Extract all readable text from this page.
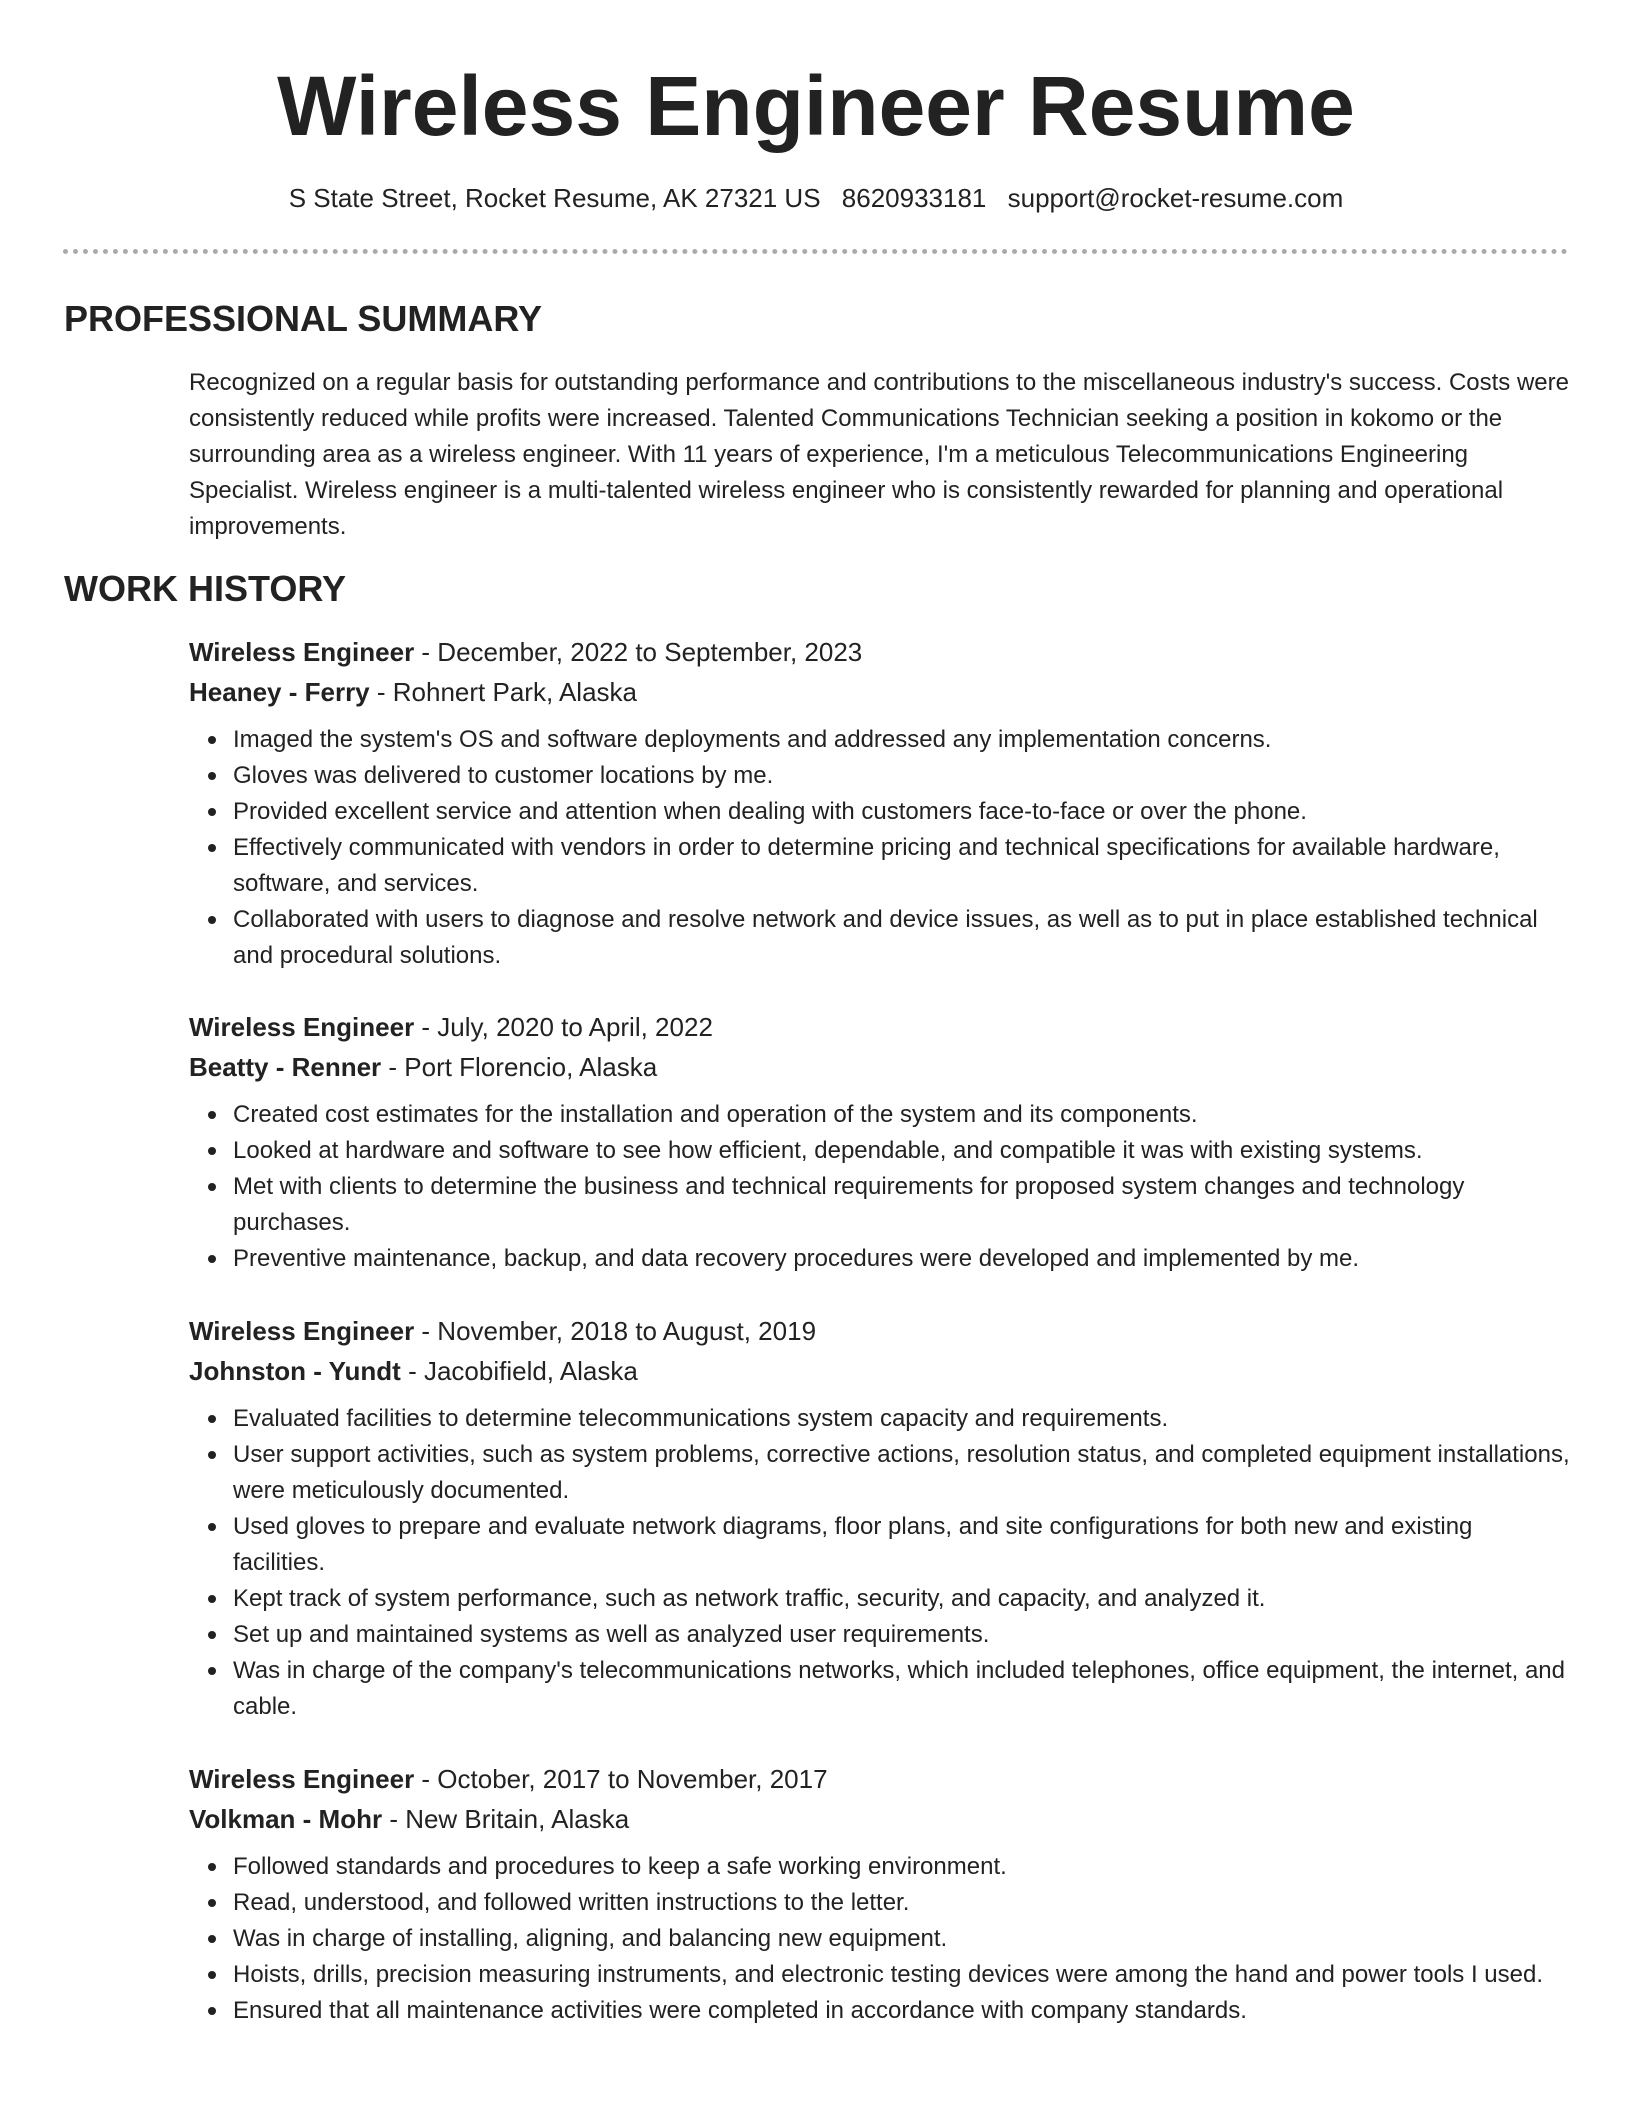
Wireless Engineer Resume
S State Street, Rocket Resume, AK 27321 US 8620933181 support@rocket-resume.com
PROFESSIONAL SUMMARY

Recognized on a regular basis for outstanding performance and contributions to the miscellaneous industry's success. Costs were consistently reduced while profits were increased. Talented Communications Technician seeking a position in kokomo or the surrounding area as a wireless engineer. With 11 years of experience, I'm a meticulous Telecommunications Engineering Specialist. Wireless engineer is a multi-talented wireless engineer who is consistently rewarded for planning and operational improvements.

WORK HISTORY

Wireless Engineer - December, 2022 to September, 2023

Heaney - Ferry - Rohnert Park, Alaska

Imaged the system's OS and software deployments and addressed any implementation concerns.
Gloves was delivered to customer locations by me.
Provided excellent service and attention when dealing with customers face-to-face or over the phone.
Effectively communicated with vendors in order to determine pricing and technical specifications for available hardware, software, and services.
Collaborated with users to diagnose and resolve network and device issues, as well as to put in place established technical and procedural solutions.

Wireless Engineer - July, 2020 to April, 2022

Beatty - Renner - Port Florencio, Alaska

Created cost estimates for the installation and operation of the system and its components.
Looked at hardware and software to see how efficient, dependable, and compatible it was with existing systems.
Met with clients to determine the business and technical requirements for proposed system changes and technology purchases.
Preventive maintenance, backup, and data recovery procedures were developed and implemented by me.

Wireless Engineer - November, 2018 to August, 2019

Johnston - Yundt - Jacobifield, Alaska

Evaluated facilities to determine telecommunications system capacity and requirements.
User support activities, such as system problems, corrective actions, resolution status, and completed equipment installations, were meticulously documented.
Used gloves to prepare and evaluate network diagrams, floor plans, and site configurations for both new and existing facilities.
Kept track of system performance, such as network traffic, security, and capacity, and analyzed it.
Set up and maintained systems as well as analyzed user requirements.
Was in charge of the company's telecommunications networks, which included telephones, office equipment, the internet, and cable.

Wireless Engineer - October, 2017 to November, 2017

Volkman - Mohr - New Britain, Alaska

Followed standards and procedures to keep a safe working environment.
Read, understood, and followed written instructions to the letter.
Was in charge of installing, aligning, and balancing new equipment.
Hoists, drills, precision measuring instruments, and electronic testing devices were among the hand and power tools I used.
Ensured that all maintenance activities were completed in accordance with company standards.
